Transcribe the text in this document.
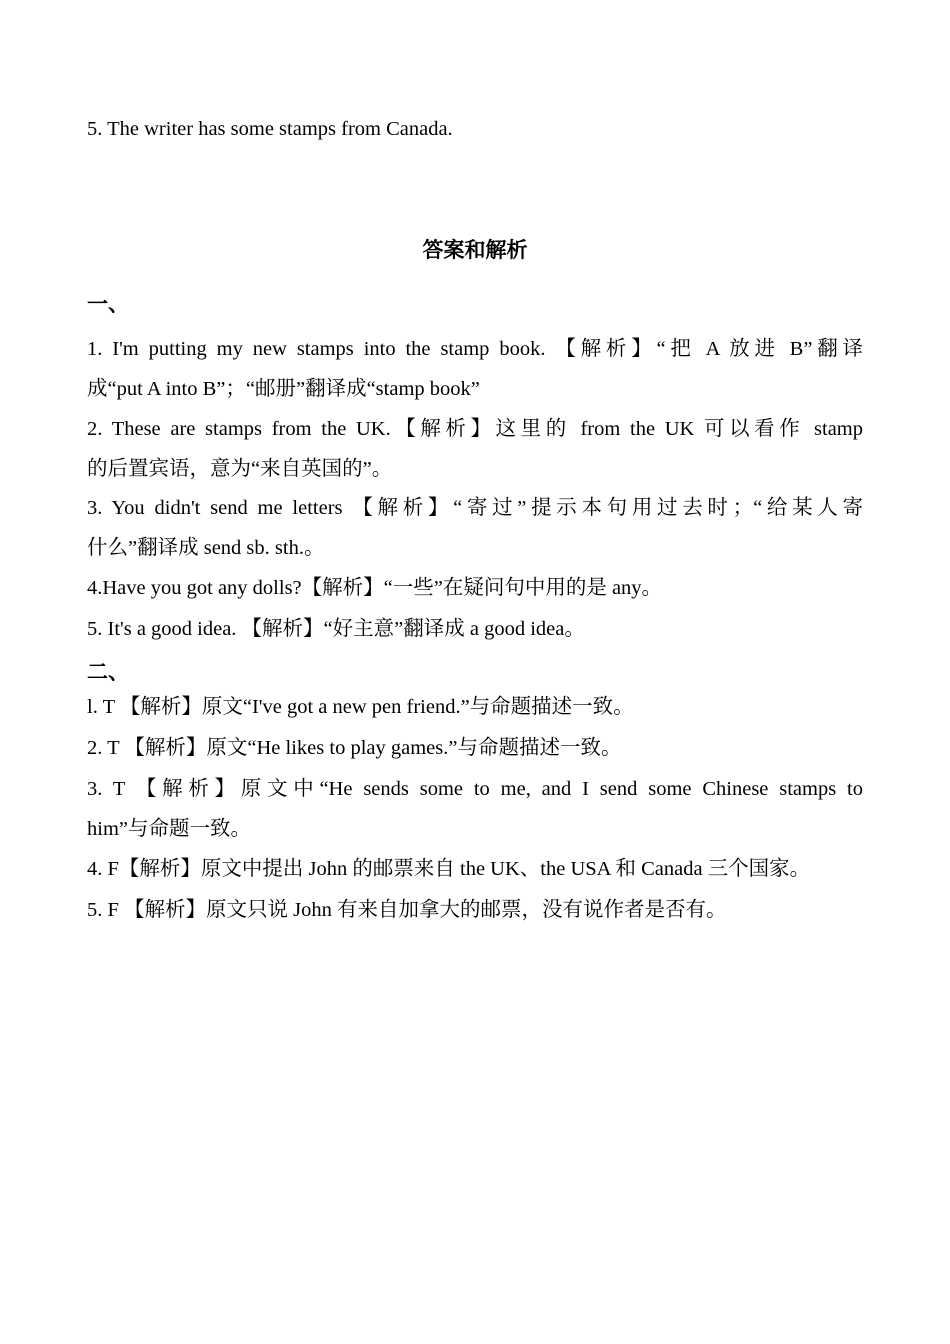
5. The writer has some stamps from Canada.
答案和解析
一、
1. I'm putting my new stamps into the stamp book. 【解析】“把 A 放进 B”翻译
成“put A into B”；“邮册”翻译成“stamp book”
2. These are stamps from the UK.【解析】这里的 from the UK 可以看作 stamp
的后置宾语，意为“来自英国的”。
3. You didn't send me letters 【解析】“寄过”提示本句用过去时；“给某人寄
什么”翻译成 send sb. sth.。
4.Have you got any dolls?【解析】“一些”在疑问句中用的是 any。
5. It's a good idea. 【解析】“好主意”翻译成 a good idea。
二、
l. T 【解析】原文“I've got a new pen friend.”与命题描述一致。
2. T 【解析】原文“He likes to play games.”与命题描述一致。
3. T 【解析】原文中“He sends some to me, and I send some Chinese stamps to
him”与命题一致。
4. F【解析】原文中提出 John 的邮票来自 the UK、the USA 和 Canada 三个国家。
5. F 【解析】原文只说 John 有来自加拿大的邮票，没有说作者是否有。
